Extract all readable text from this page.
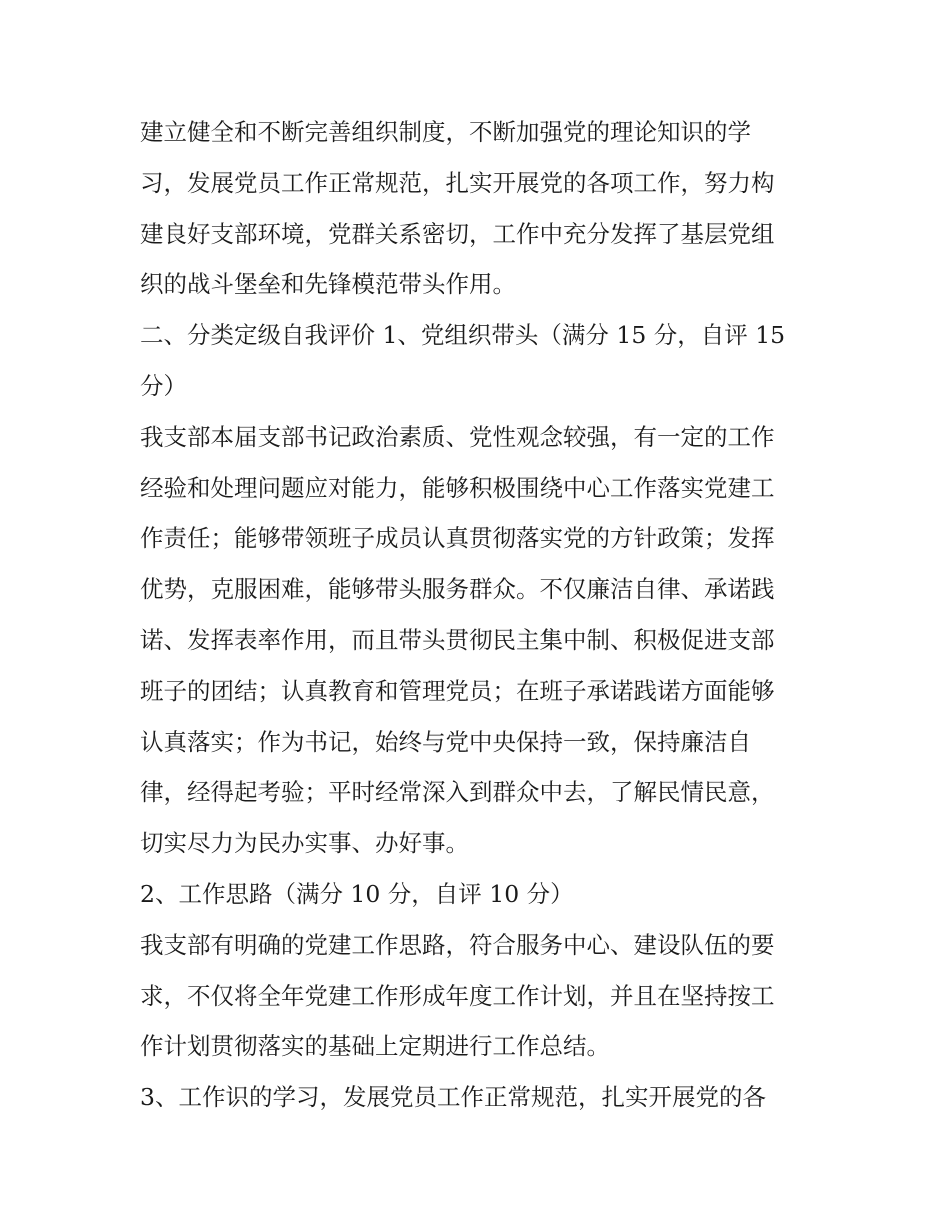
建立健全和不断完善组织制度，不断加强党的理论知识的学
习，发展党员工作正常规范，扎实开展党的各项工作，努力构
建良好支部环境，党群关系密切，工作中充分发挥了基层党组
织的战斗堡垒和先锋模范带头作用。
二、分类定级自我评价 1、党组织带头（满分 15 分，自评 15
分）
我支部本届支部书记政治素质、党性观念较强，有一定的工作
经验和处理问题应对能力，能够积极围绕中心工作落实党建工
作责任；能够带领班子成员认真贯彻落实党的方针政策；发挥
优势，克服困难，能够带头服务群众。不仅廉洁自律、承诺践
诺、发挥表率作用，而且带头贯彻民主集中制、积极促进支部
班子的团结；认真教育和管理党员；在班子承诺践诺方面能够
认真落实；作为书记，始终与党中央保持一致，保持廉洁自
律，经得起考验；平时经常深入到群众中去，了解民情民意，
切实尽力为民办实事、办好事。
2、工作思路（满分 10 分，自评 10 分）
我支部有明确的党建工作思路，符合服务中心、建设队伍的要
求，不仅将全年党建工作形成年度工作计划，并且在坚持按工
作计划贯彻落实的基础上定期进行工作总结。
3、工作识的学习，发展党员工作正常规范，扎实开展党的各
